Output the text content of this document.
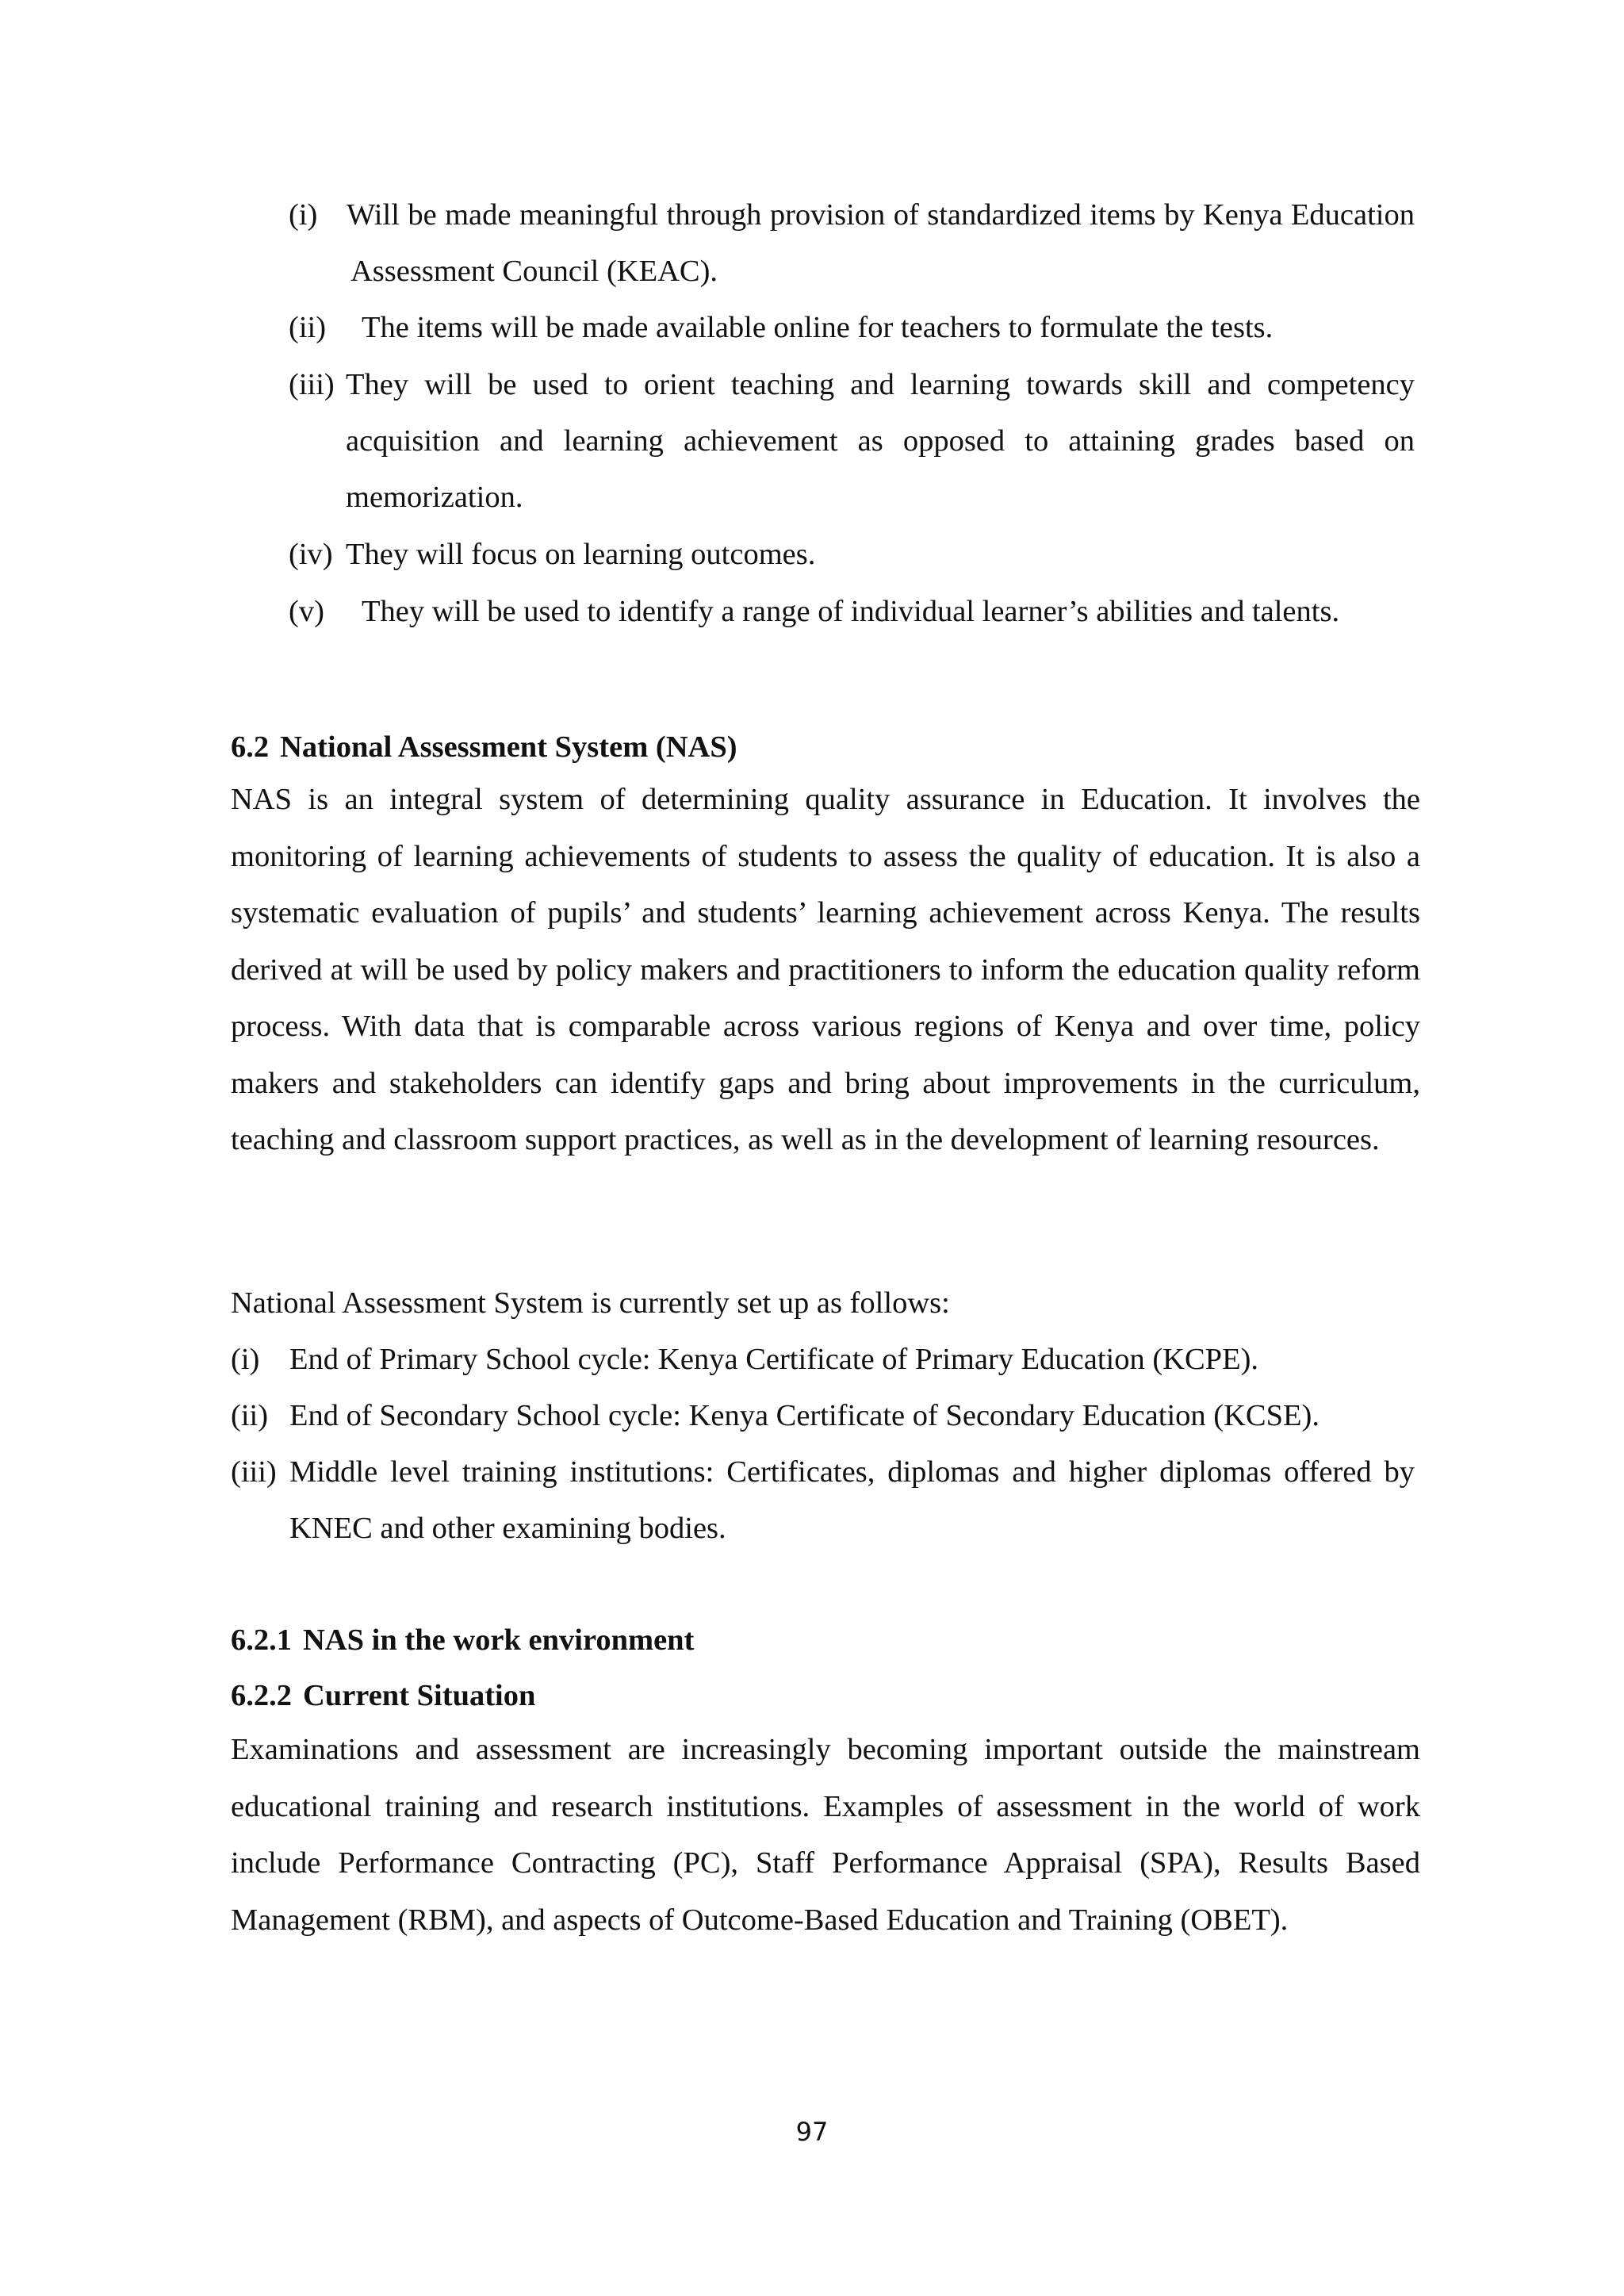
(i) Will be made meaningful through provision of standardized items by Kenya Education Assessment Council (KEAC).
(ii) The items will be made available online for teachers to formulate the tests.
(iii) They will be used to orient teaching and learning towards skill and competency acquisition and learning achievement as opposed to attaining grades based on memorization.
(iv) They will focus on learning outcomes.
(v) They will be used to identify a range of individual learner’s abilities and talents.
6.2 National Assessment System (NAS)
NAS is an integral system of determining quality assurance in Education. It involves the monitoring of learning achievements of students to assess the quality of education. It is also a systematic evaluation of pupils’ and students’ learning achievement across Kenya. The results derived at will be used by policy makers and practitioners to inform the education quality reform process. With data that is comparable across various regions of Kenya and over time, policy makers and stakeholders can identify gaps and bring about improvements in the curriculum, teaching and classroom support practices, as well as in the development of learning resources.
National Assessment System is currently set up as follows:
(i) End of Primary School cycle: Kenya Certificate of Primary Education (KCPE).
(ii) End of Secondary School cycle: Kenya Certificate of Secondary Education (KCSE).
(iii) Middle level training institutions: Certificates, diplomas and higher diplomas offered by KNEC and other examining bodies.
6.2.1 NAS in the work environment
6.2.2 Current Situation
Examinations and assessment are increasingly becoming important outside the mainstream educational training and research institutions. Examples of assessment in the world of work include Performance Contracting (PC), Staff Performance Appraisal (SPA), Results Based Management (RBM), and aspects of Outcome-Based Education and Training (OBET).
97
